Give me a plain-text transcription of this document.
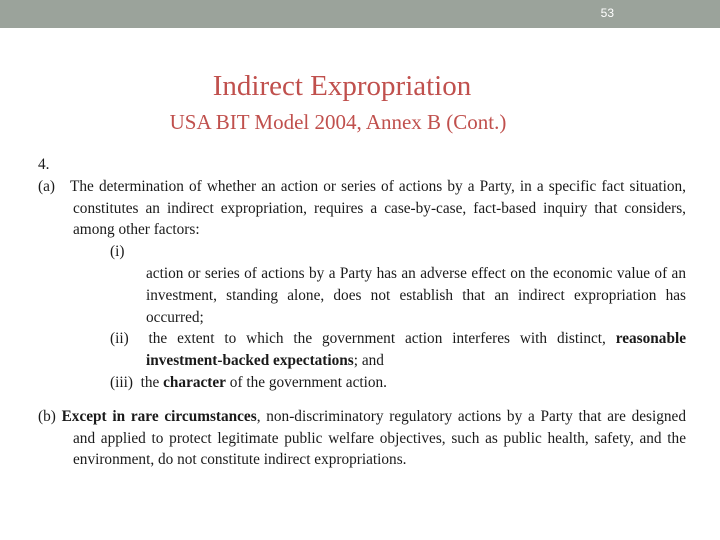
53
Indirect Expropriation
USA BIT Model 2004, Annex B (Cont.)

4.

(a) The determination of whether an action or series of actions by a Party, in a specific fact situation, constitutes an indirect expropriation, requires a case-by-case, fact-based inquiry that considers, among other factors:

(i)

action or series of actions by a Party has an adverse effect on the economic value of an investment, standing alone, does not establish that an indirect expropriation has occurred;

(ii) the extent to which the government action interferes with distinct, reasonable investment-backed expectations; and

(iii) the character of the government action.

(b) Except in rare circumstances, non-discriminatory regulatory actions by a Party that are designed and applied to protect legitimate public welfare objectives, such as public health, safety, and the environment, do not constitute indirect expropriations.
